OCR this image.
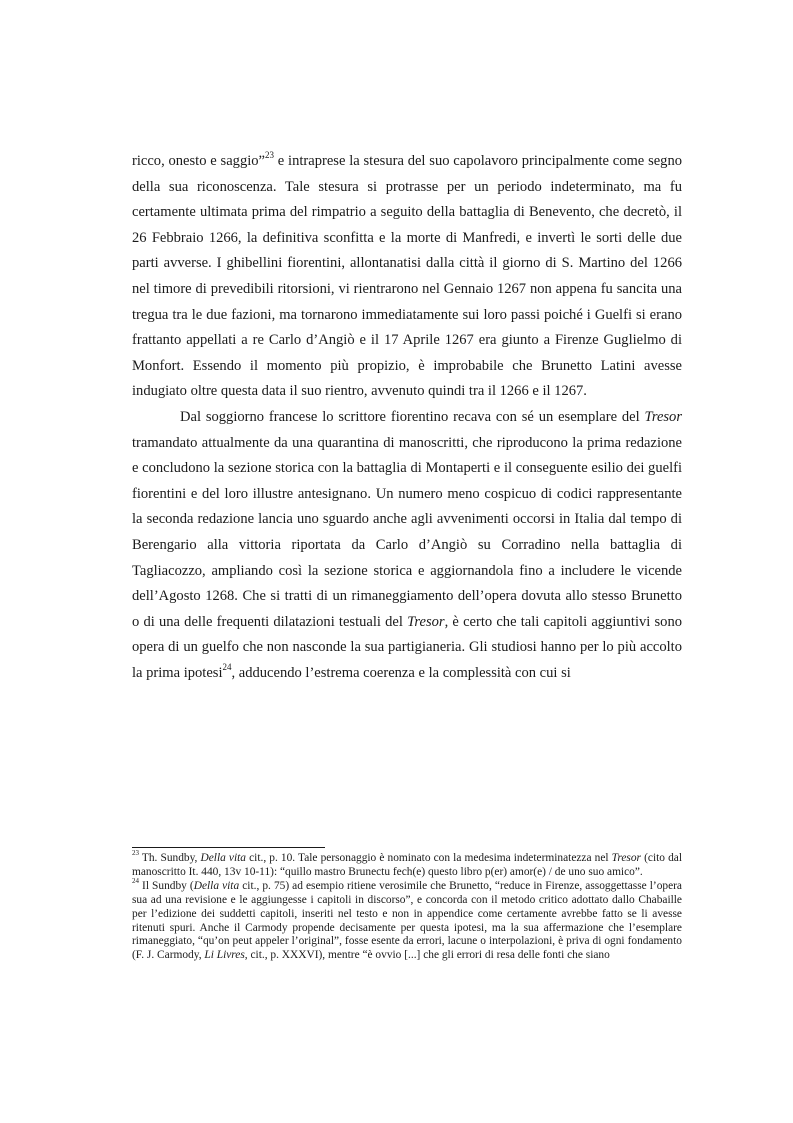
ricco, onesto e saggio”$^{23}$ e intraprese la stesura del suo capolavoro principalmente come segno della sua riconoscenza. Tale stesura si protrasse per un periodo indeterminato, ma fu certamente ultimata prima del rimpatrio a seguito della battaglia di Benevento, che decretò, il 26 Febbraio 1266, la definitiva sconfitta e la morte di Manfredi, e invertì le sorti delle due parti avverse. I ghibellini fiorentini, allontanatisi dalla città il giorno di S. Martino del 1266 nel timore di prevedibili ritorsioni, vi rientrarono nel Gennaio 1267 non appena fu sancita una tregua tra le due fazioni, ma tornarono immediatamente sui loro passi poiché i Guelfi si erano frattanto appellati a re Carlo d’Angiò e il 17 Aprile 1267 era giunto a Firenze Guglielmo di Monfort. Essendo il momento più propizio, è improbabile che Brunetto Latini avesse indugiato oltre questa data il suo rientro, avvenuto quindi tra il 1266 e il 1267.

Dal soggiorno francese lo scrittore fiorentino recava con sé un esemplare del Tresor tramandato attualmente da una quarantina di manoscritti, che riproducono la prima redazione e concludono la sezione storica con la battaglia di Montaperti e il conseguente esilio dei guelfi fiorentini e del loro illustre antesignano. Un numero meno cospicuo di codici rappresentante la seconda redazione lancia uno sguardo anche agli avvenimenti occorsi in Italia dal tempo di Berengario alla vittoria riportata da Carlo d’Angiò su Corradino nella battaglia di Tagliacozzo, ampliando così la sezione storica e aggiornandola fino a includere le vicende dell’Agosto 1268. Che si tratti di un rimaneggiamento dell’opera dovuta allo stesso Brunetto o di una delle frequenti dilatazioni testuali del Tresor, è certo che tali capitoli aggiuntivi sono opera di un guelfo che non nasconde la sua partigianeria. Gli studiosi hanno per lo più accolto la prima ipotesi$^{24}$, adducendo l’estrema coerenza e la complessità con cui si

$^{23}$ Th. Sundby, Della vita cit., p. 10. Tale personaggio è nominato con la medesima indeterminatezza nel Tresor (cito dal manoscritto It. 440, 13v 10-11): “quillo mastro Brunectu fech(e) questo libro p(er) amor(e) / de uno suo amico”.

$^{24}$ Il Sundby (Della vita cit., p. 75) ad esempio ritiene verosimile che Brunetto, “reduce in Firenze, assoggettasse l’opera sua ad una revisione e le aggiungesse i capitoli in discorso”, e concorda con il metodo critico adottato dallo Chabaille per l’edizione dei suddetti capitoli, inseriti nel testo e non in appendice come certamente avrebbe fatto se li avesse ritenuti spuri. Anche il Carmody propende decisamente per questa ipotesi, ma la sua affermazione che l’esemplare rimaneggiato, “qu’on peut appeler l’original”, fosse esente da errori, lacune o interpolazioni, è priva di ogni fondamento (F. J. Carmody, Li Livres, cit., p. XXXVI), mentre “è ovvio [...] che gli errori di resa delle fonti che siano
